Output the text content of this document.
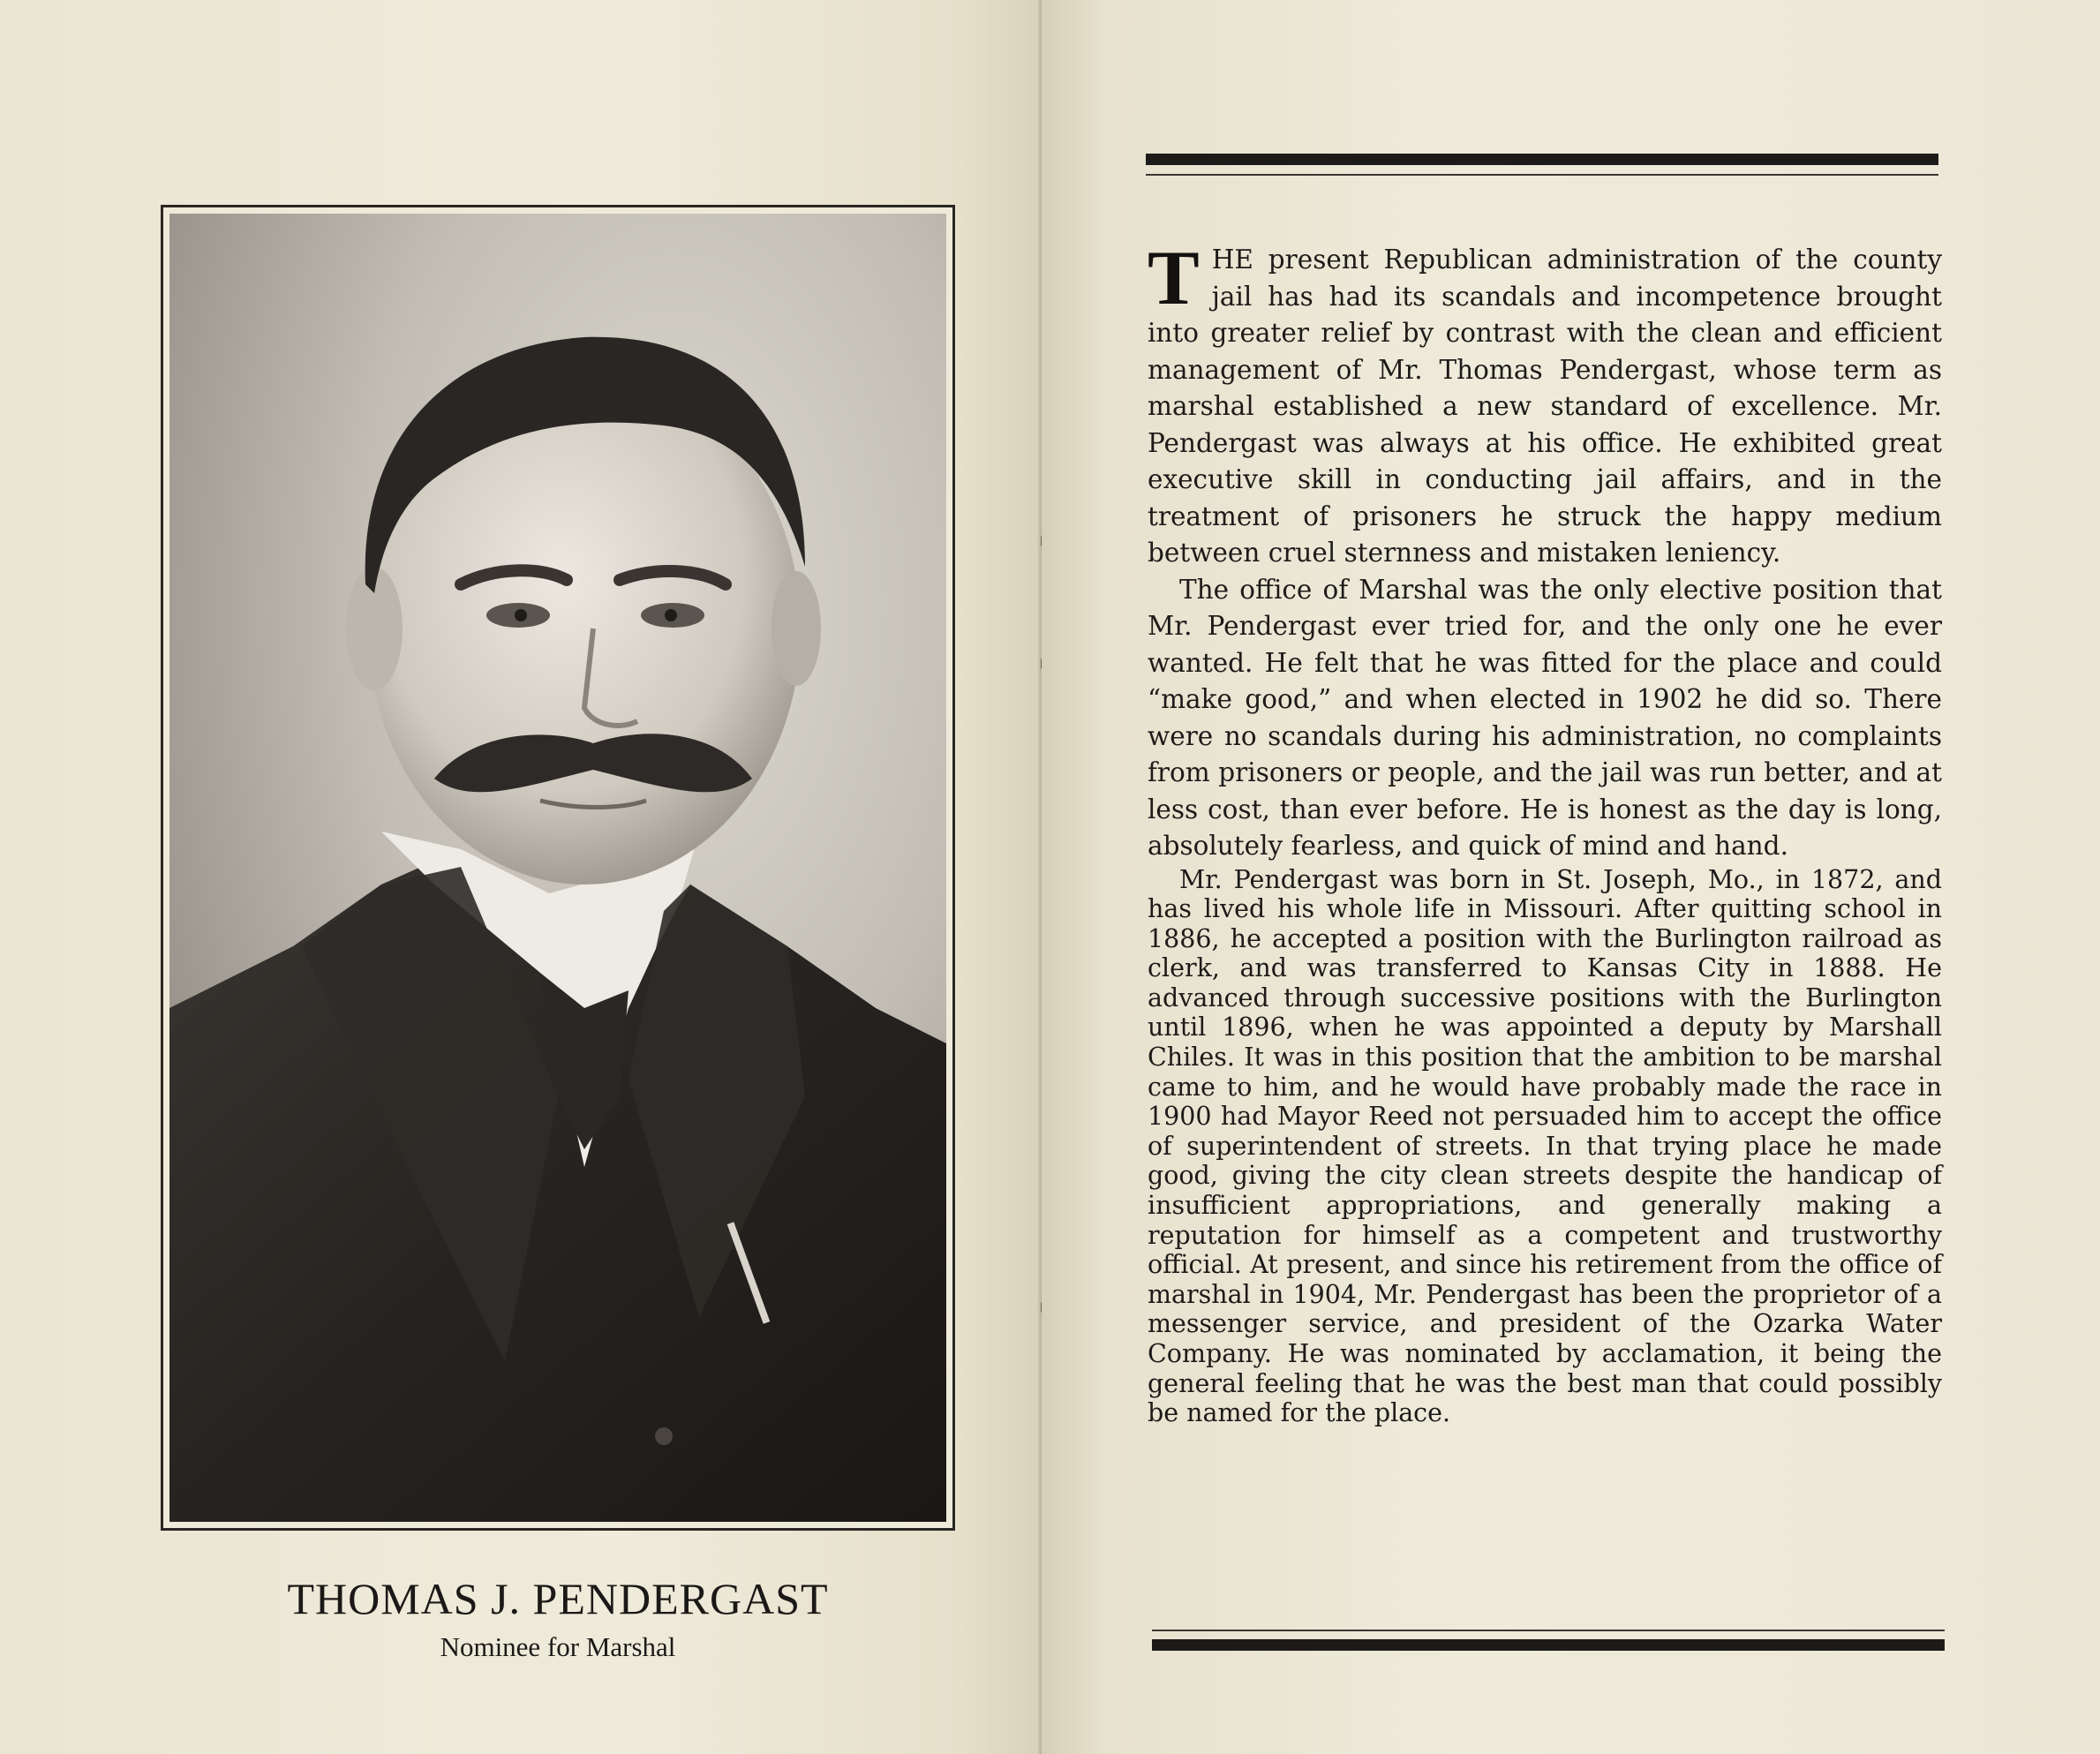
THOMAS J. PENDERGAST
Nominee for Marshal

THE present Republican administration of the county jail has had its scandals and incompetence brought into greater relief by contrast with the clean and efficient management of Mr. Thomas Pendergast, whose term as marshal established a new standard of excellence. Mr. Pendergast was always at his office. He exhibited great executive skill in conducting jail affairs, and in the treatment of prisoners he struck the happy medium between cruel sternness and mistaken leniency.

The office of Marshal was the only elective position that Mr. Pendergast ever tried for, and the only one he ever wanted. He felt that he was fitted for the place and could “make good,” and when elected in 1902 he did so. There were no scandals during his administration, no complaints from prisoners or people, and the jail was run better, and at less cost, than ever before. He is honest as the day is long, absolutely fearless, and quick of mind and hand.

Mr. Pendergast was born in St. Joseph, Mo., in 1872, and has lived his whole life in Missouri. After quitting school in 1886, he accepted a position with the Burlington railroad as clerk, and was transferred to Kansas City in 1888. He advanced through successive positions with the Burlington until 1896, when he was appointed a deputy by Marshall Chiles. It was in this position that the ambition to be marshal came to him, and he would have probably made the race in 1900 had Mayor Reed not persuaded him to accept the office of superintendent of streets. In that trying place he made good, giving the city clean streets despite the handicap of insufficient appropriations, and generally making a reputation for himself as a competent and trustworthy official. At present, and since his retirement from the office of marshal in 1904, Mr. Pendergast has been the proprietor of a messenger service, and president of the Ozarka Water Company. He was nominated by acclamation, it being the general feeling that he was the best man that could possibly be named for the place.
